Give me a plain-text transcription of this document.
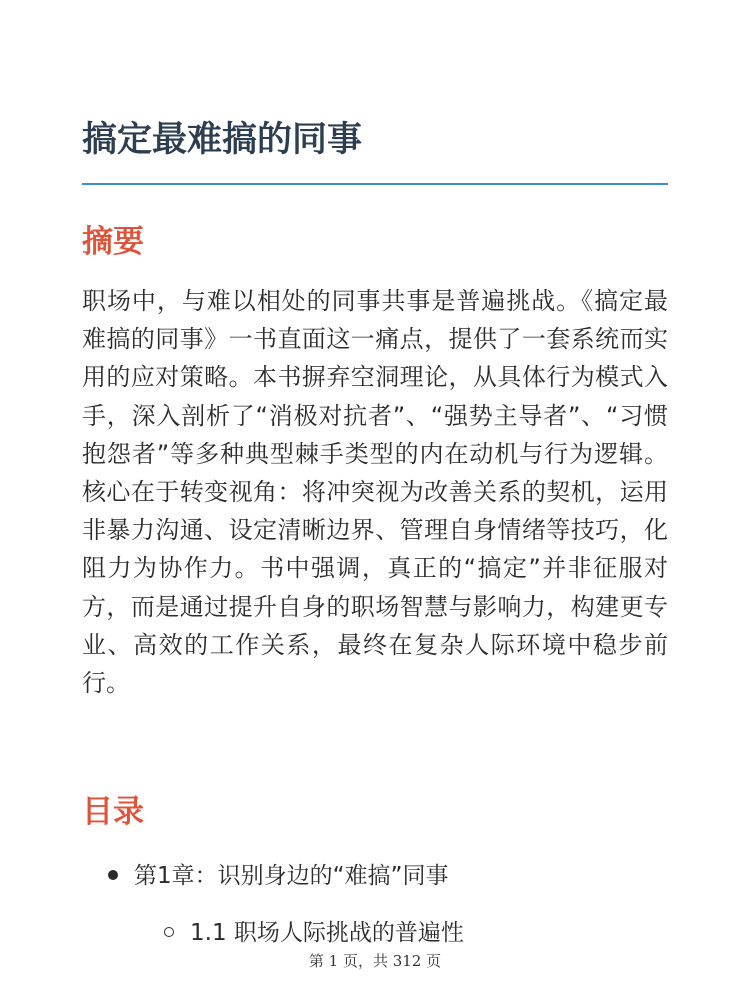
搞定最难搞的同事
摘要

职场中，与难以相处的同事共事是普遍挑战。《搞定最难搞的同事》一书直面这一痛点，提供了一套系统而实用的应对策略。本书摒弃空洞理论，从具体行为模式入手，深入剖析了“消极对抗者”、“强势主导者”、“习惯抱怨者”等多种典型棘手类型的内在动机与行为逻辑。核心在于转变视角：将冲突视为改善关系的契机，运用非暴力沟通、设定清晰边界、管理自身情绪等技巧，化阻力为协作力。书中强调，真正的“搞定”并非征服对方，而是通过提升自身的职场智慧与影响力，构建更专业、高效的工作关系，最终在复杂人际环境中稳步前行。

目录
第1章：识别身边的“难搞”同事
1.1 职场人际挑战的普遍性
第 1 页，共 312 页
